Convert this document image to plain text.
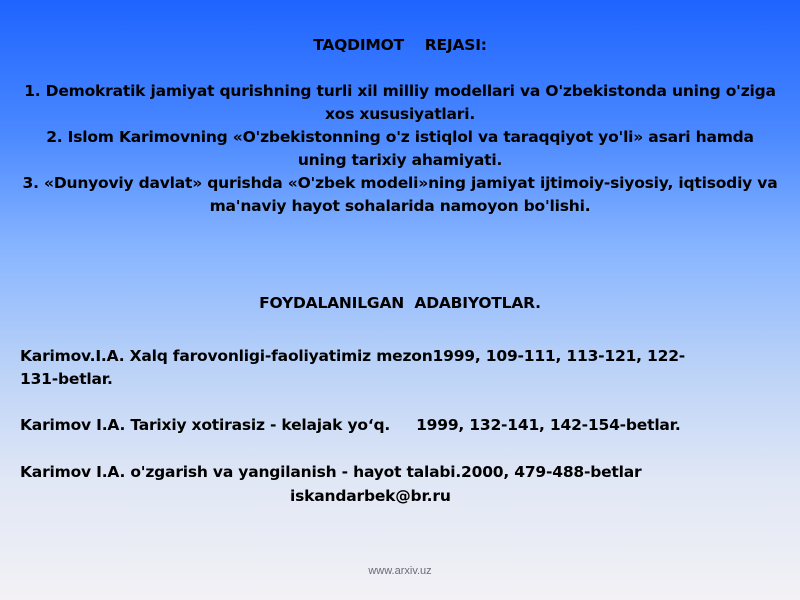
TAQDIMOT    REJASI:
1. Demokratik jamiyat qurishning turli xil milliy modellari va O'zbekistonda uning o'ziga xos xususiyatlari.
2. Islom Karimovning «O'zbekistonning o'z istiqlol va taraqqiyot yo'li» asari hamda uning tarixiy ahamiyati.
3. «Dunyoviy davlat» qurishda «O'zbek modeli»ning jamiyat ijtimoiy-siyosiy, iqtisodiy va ma'naviy hayot sohalarida namoyon bo'lishi.
FOYDALANILGAN  ADABIYOTLAR.
Karimov.I.A. Xalq farovonligi-faoliyatimiz mezon1999, 109-111, 113-121, 122-131-betlar.
Karimov I.A. Tarixiy xotirasiz - kelajak yo‘q.     1999, 132-141, 142-154-betlar.
Karimov I.A. o'zgarish va yangilanish - hayot talabi.2000, 479-488-betlar
iskandarbek@br.ru
www.arxiv.uz
